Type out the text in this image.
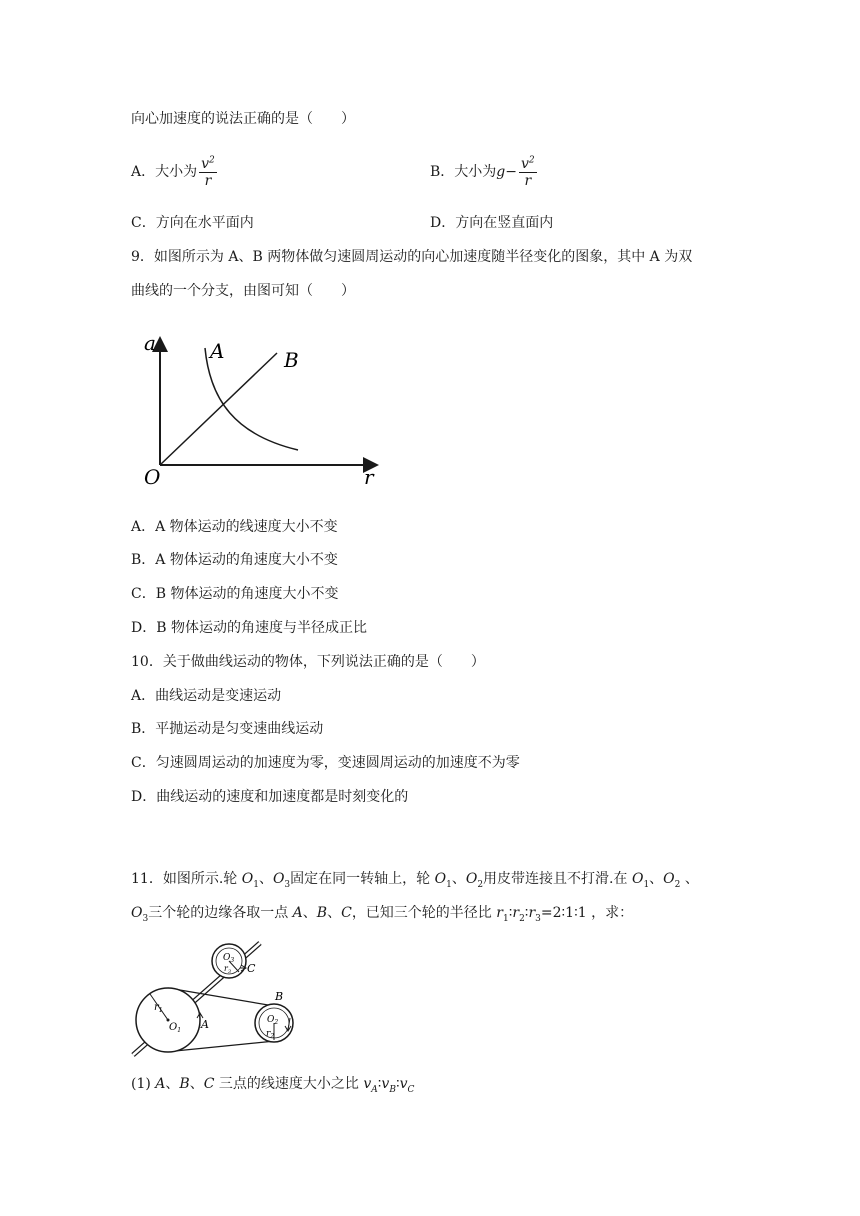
向心加速度的说法正确的是（　　）
A．大小为 $\frac{v^2}{r}$	B．大小为$g- \frac{v^2}{r}$
C．方向在水平面内	D．方向在竖直面内
9．如图所示为 A、B 两物体做匀速圆周运动的向心加速度随半径变化的图象，其中 A 为双
曲线的一个分支，由图可知（　　）
a
r
O
A	B
A．A 物体运动的线速度大小不变
B．A 物体运动的角速度大小不变
C．B 物体运动的角速度大小不变
D．B 物体运动的角速度与半径成正比
10．关于做曲线运动的物体，下列说法正确的是（　　）
A．曲线运动是变速运动
B．平抛运动是匀变速曲线运动
C．匀速圆周运动的加速度为零，变速圆周运动的加速度不为零
D．曲线运动的速度和加速度都是时刻变化的
11．如图所示.轮 $O_1$、$O_3$固定在同一转轴上，轮 $O_1$、$O_2$用皮带连接且不打滑.在 $O_1$、$O_2$ 、
$O_3$三个轮的边缘各取一点 A、B、C，已知三个轮的半径比 $r_1∶r_2∶r_3=2∶1∶1$ ，求：
$r_1$
$O_1$ A
B
$O_2$
$r_2$
C
$O_3$
$r_3$
(1) A、B、C 三点的线速度大小之比 $v_A∶v_B∶v_C$
